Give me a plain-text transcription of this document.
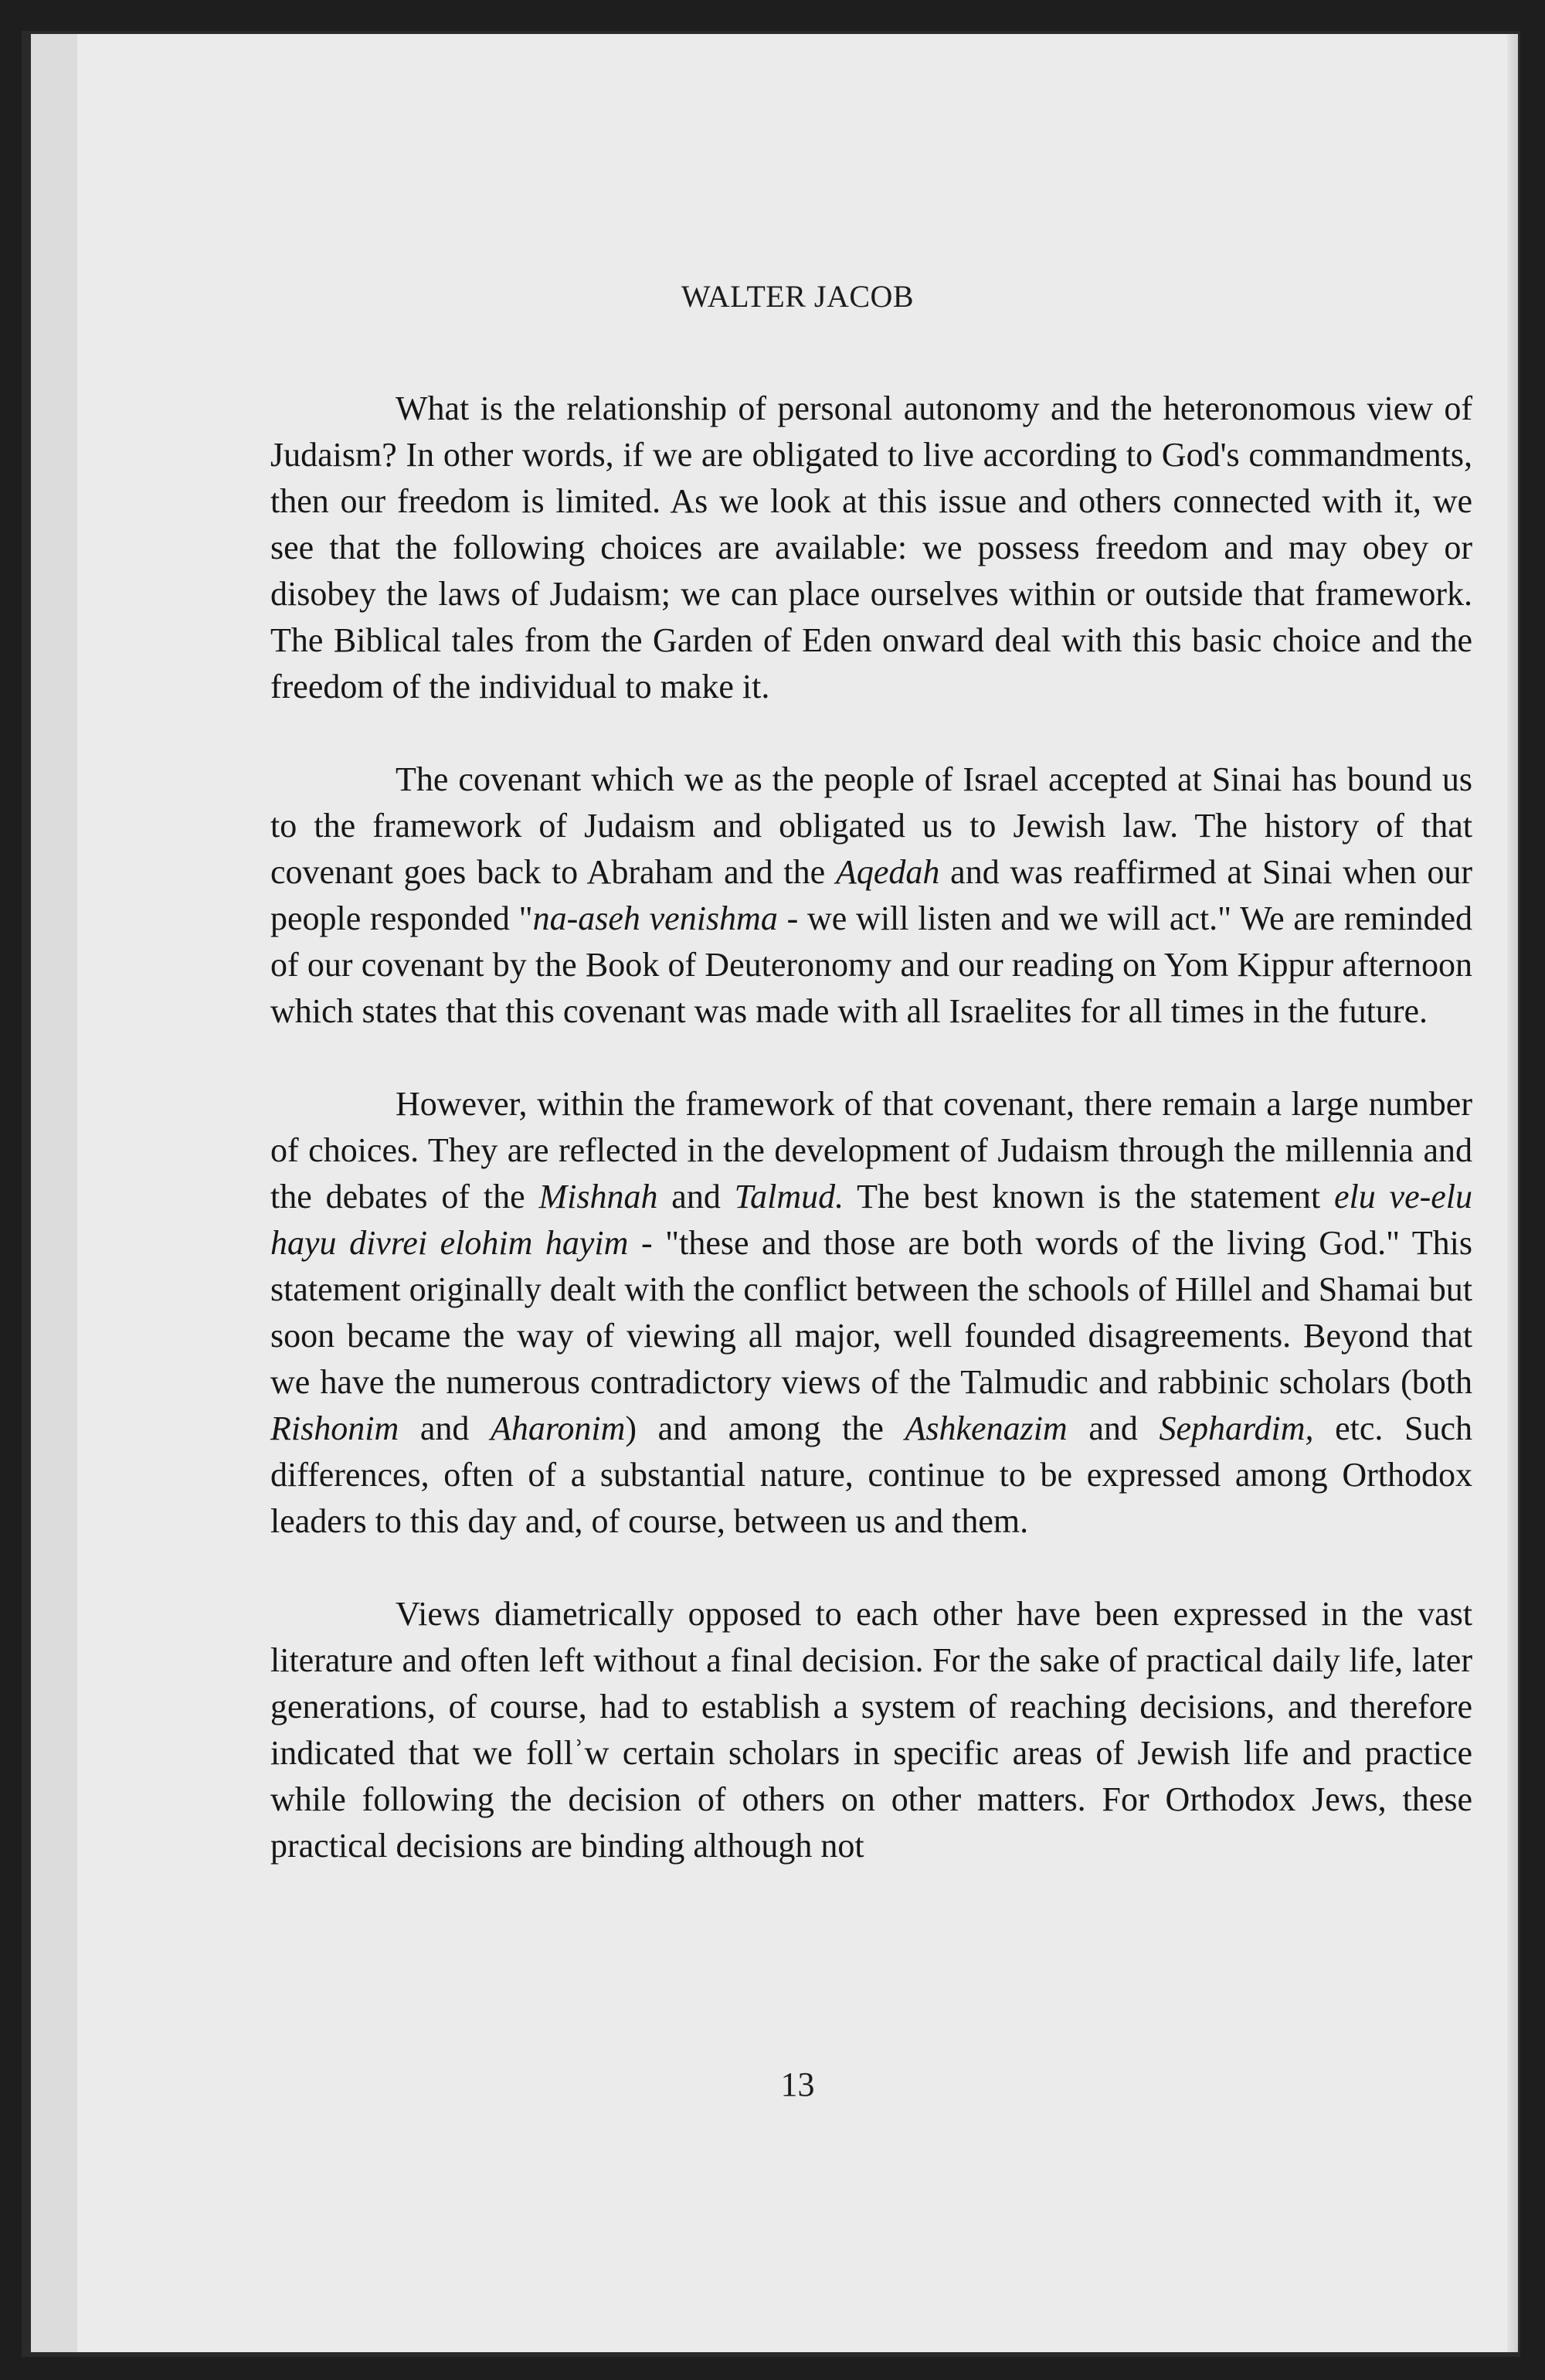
WALTER JACOB

What is the relationship of personal autonomy and the heteronomous view of Judaism? In other words, if we are obligated to live according to God's commandments, then our freedom is limited. As we look at this issue and others connected with it, we see that the following choices are available: we possess freedom and may obey or disobey the laws of Judaism; we can place ourselves within or outside that framework. The Biblical tales from the Garden of Eden onward deal with this basic choice and the freedom of the individual to make it.

The covenant which we as the people of Israel accepted at Sinai has bound us to the framework of Judaism and obligated us to Jewish law. The history of that covenant goes back to Abraham and the Aqedah and was reaffirmed at Sinai when our people responded "na-aseh venishma - we will listen and we will act." We are reminded of our covenant by the Book of Deuteronomy and our reading on Yom Kippur afternoon which states that this covenant was made with all Israelites for all times in the future.

However, within the framework of that covenant, there remain a large number of choices. They are reflected in the development of Judaism through the millennia and the debates of the Mishnah and Talmud. The best known is the statement elu ve-elu hayu divrei elohim hayim - "these and those are both words of the living God." This statement originally dealt with the conflict between the schools of Hillel and Shamai but soon became the way of viewing all major, well founded disagreements. Beyond that we have the numerous contradictory views of the Talmudic and rabbinic scholars (both Rishonim and Aharonim) and among the Ashkenazim and Sephardim, etc. Such differences, often of a substantial nature, continue to be expressed among Orthodox leaders to this day and, of course, between us and them.

Views diametrically opposed to each other have been expressed in the vast literature and often left without a final decision. For the sake of practical daily life, later generations, of course, had to establish a system of reaching decisions, and therefore indicated that we follʾw certain scholars in specific areas of Jewish life and practice while following the decision of others on other matters. For Orthodox Jews, these practical decisions are binding although not

13
